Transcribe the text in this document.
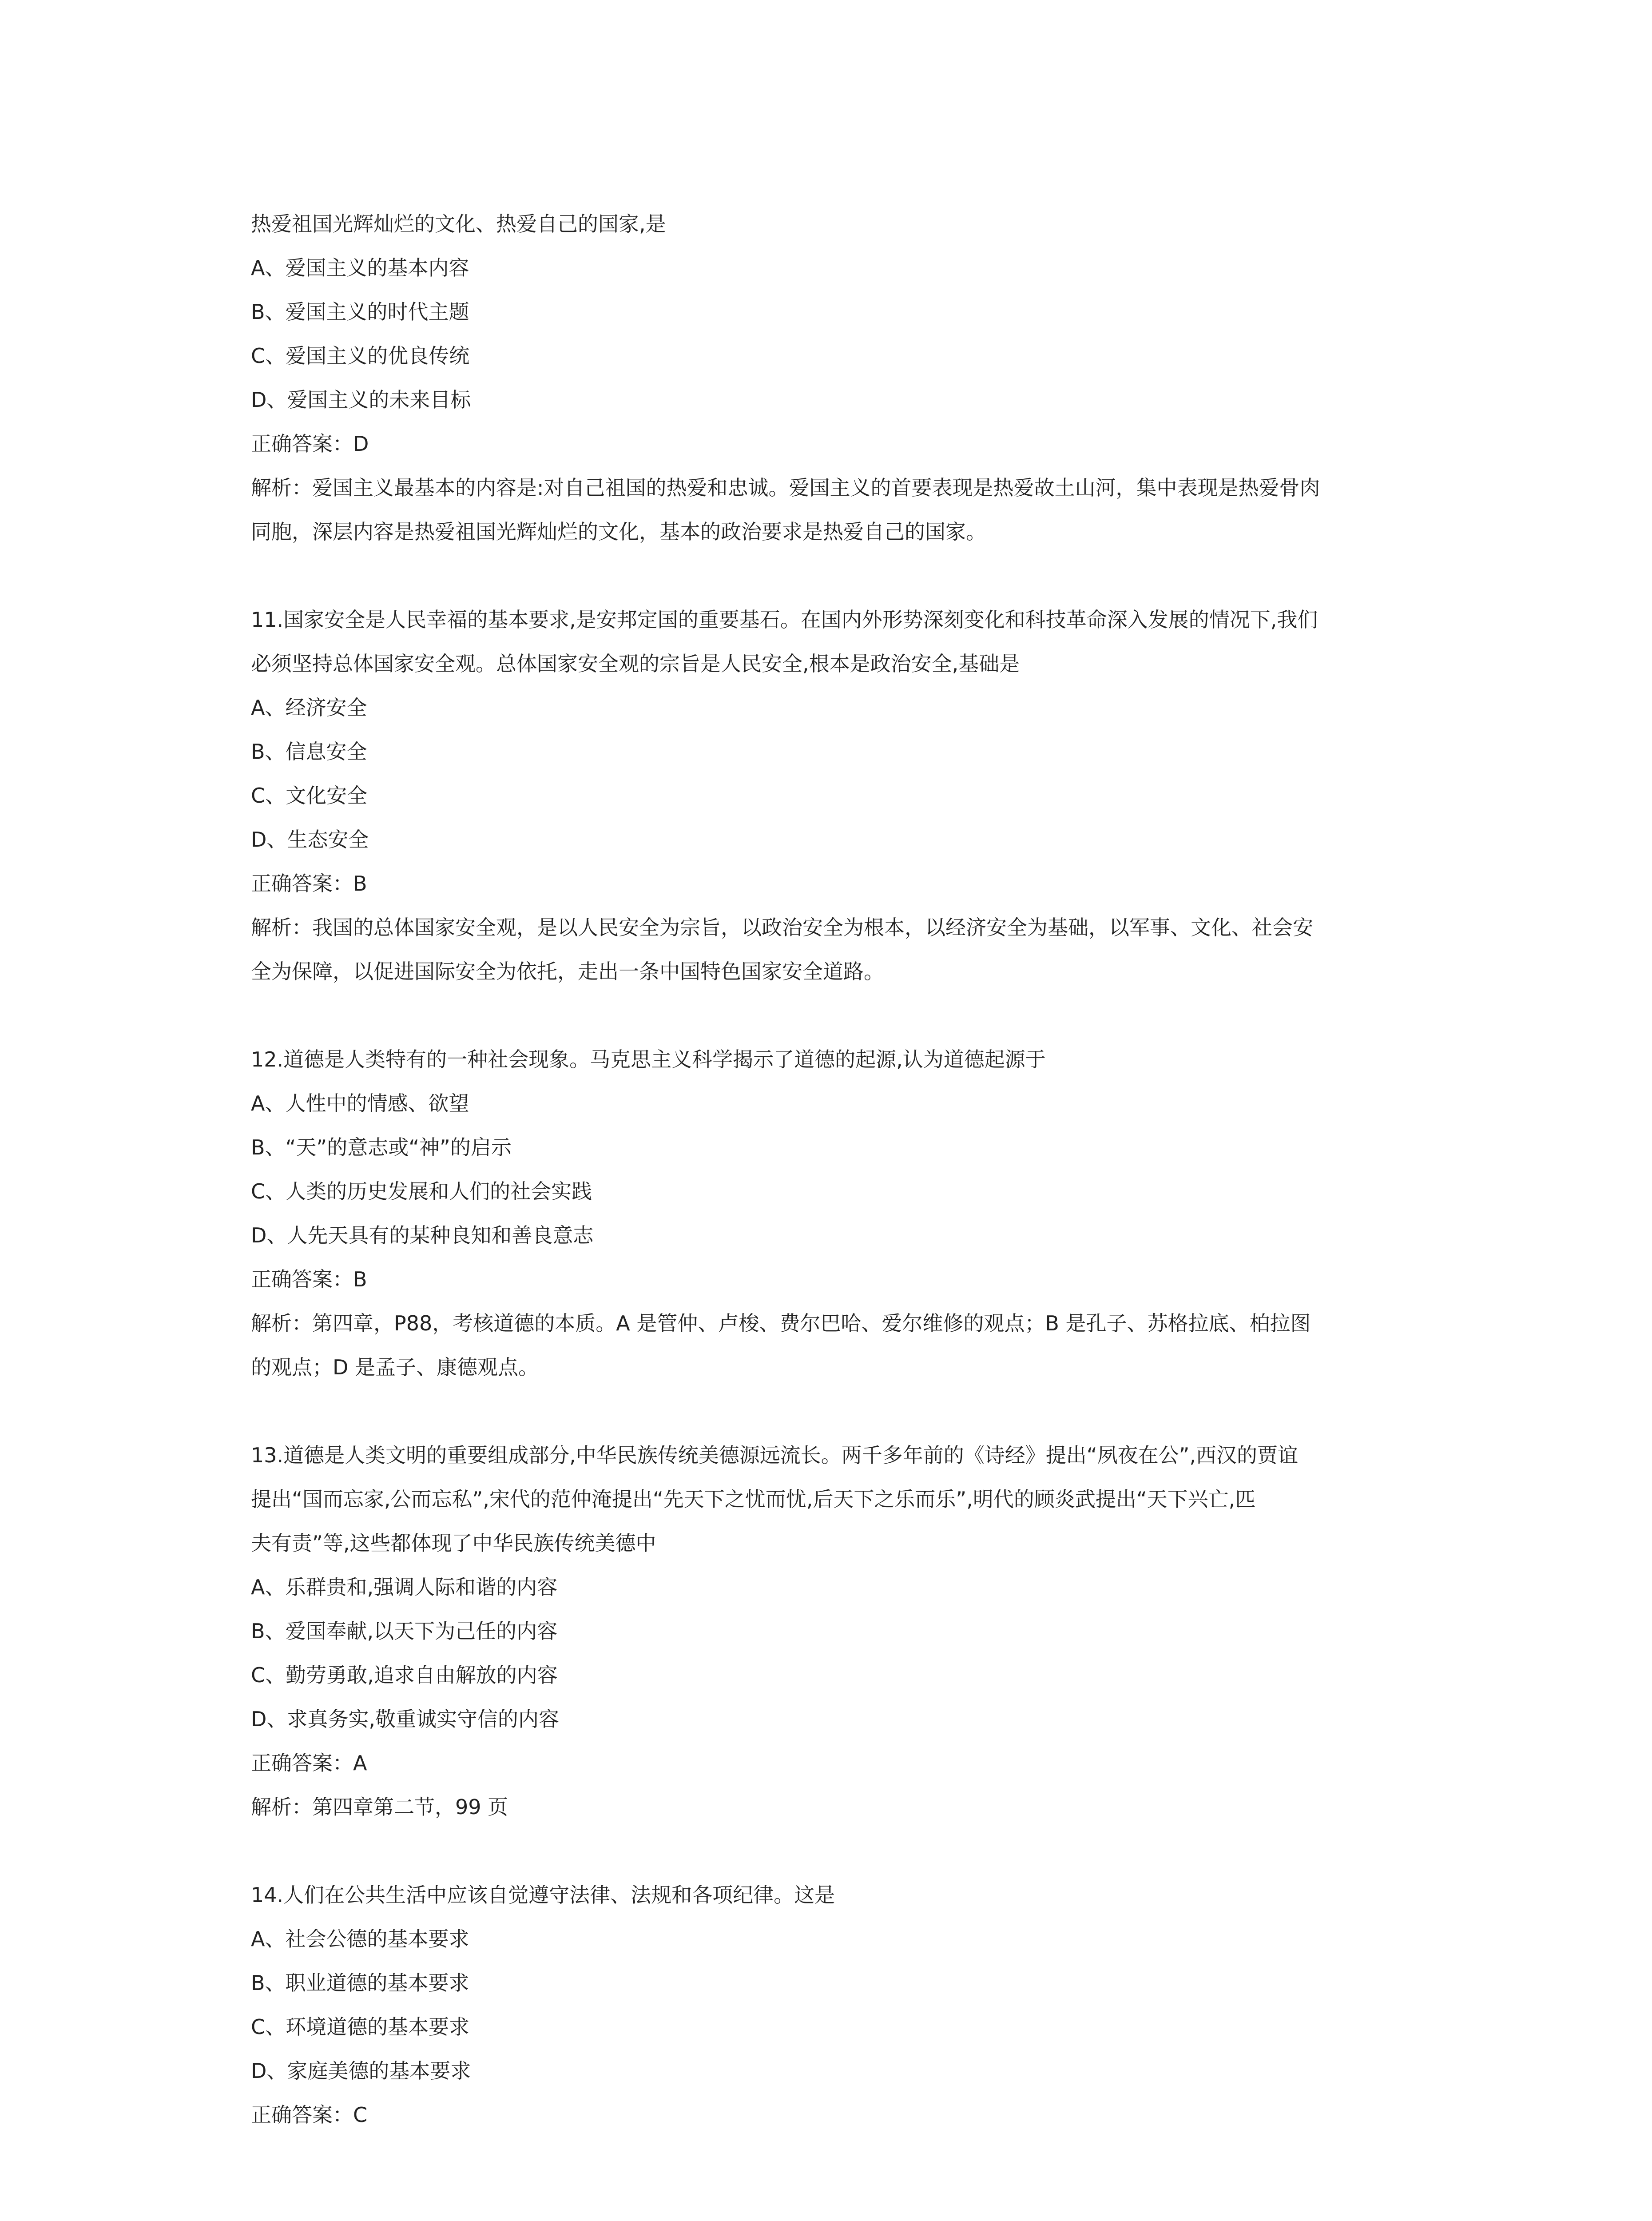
热爱祖国光辉灿烂的文化、热爱自己的国家,是
A、爱国主义的基本内容
B、爱国主义的时代主题
C、爱国主义的优良传统
D、爱国主义的未来目标
正确答案：D
解析：爱国主义最基本的内容是:对自己祖国的热爱和忠诚。爱国主义的首要表现是热爱故土山河，集中表现是热爱骨肉
同胞，深层内容是热爱祖国光辉灿烂的文化，基本的政治要求是热爱自己的国家。
11.国家安全是人民幸福的基本要求,是安邦定国的重要基石。在国内外形势深刻变化和科技革命深入发展的情况下,我们
必须坚持总体国家安全观。总体国家安全观的宗旨是人民安全,根本是政治安全,基础是
A、经济安全
B、信息安全
C、文化安全
D、生态安全
正确答案：B
解析：我国的总体国家安全观，是以人民安全为宗旨，以政治安全为根本，以经济安全为基础，以军事、文化、社会安
全为保障，以促进国际安全为依托，走出一条中国特色国家安全道路。
12.道德是人类特有的一种社会现象。马克思主义科学揭示了道德的起源,认为道德起源于
A、人性中的情感、欲望
B、“天”的意志或“神”的启示
C、人类的历史发展和人们的社会实践
D、人先天具有的某种良知和善良意志
正确答案：B
解析：第四章，P88，考核道德的本质。A 是管仲、卢梭、费尔巴哈、爱尔维修的观点；B 是孔子、苏格拉底、柏拉图
的观点；D 是孟子、康德观点。
13.道德是人类文明的重要组成部分,中华民族传统美德源远流长。两千多年前的《诗经》提出“夙夜在公”,西汉的贾谊
提出“国而忘家,公而忘私”,宋代的范仲淹提出“先天下之忧而忧,后天下之乐而乐”,明代的顾炎武提出“天下兴亡,匹
夫有责”等,这些都体现了中华民族传统美德中
A、乐群贵和,强调人际和谐的内容
B、爱国奉献,以天下为己任的内容
C、勤劳勇敢,追求自由解放的内容
D、求真务实,敬重诚实守信的内容
正确答案：A
解析：第四章第二节，99 页
14.人们在公共生活中应该自觉遵守法律、法规和各项纪律。这是
A、社会公德的基本要求
B、职业道德的基本要求
C、环境道德的基本要求
D、家庭美德的基本要求
正确答案：C
